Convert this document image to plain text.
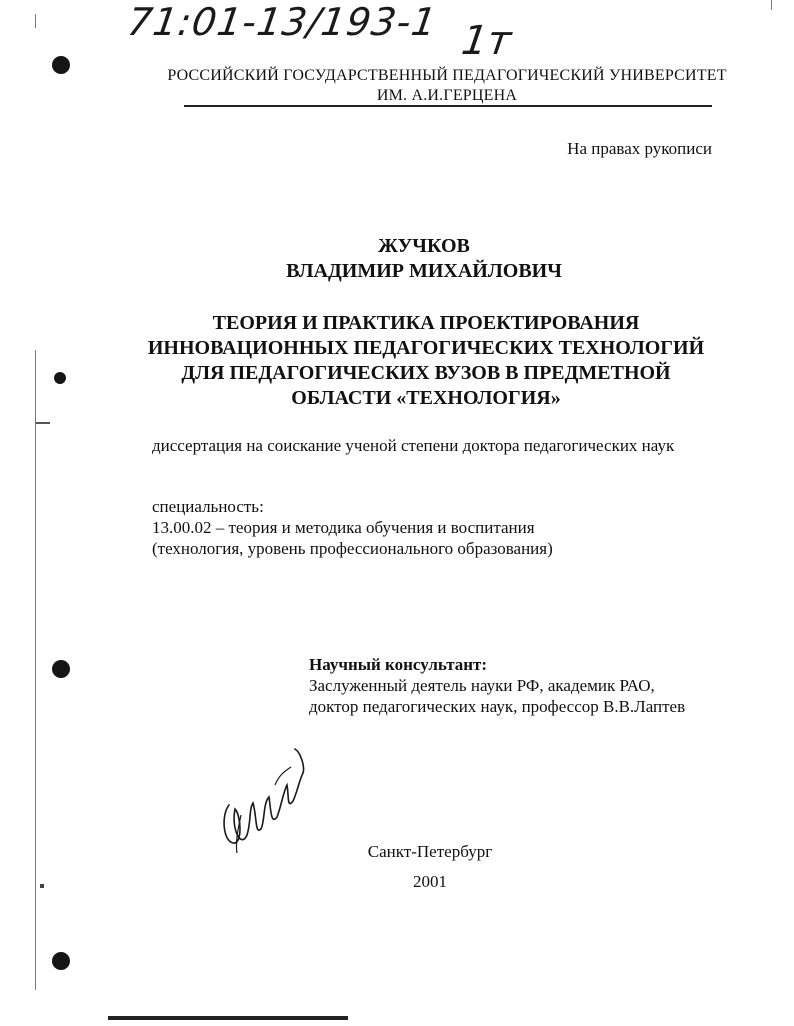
71:01-13/193-1 1т
РОССИЙСКИЙ ГОСУДАРСТВЕННЫЙ ПЕДАГОГИЧЕСКИЙ УНИВЕРСИТЕТ
ИМ. А.И.ГЕРЦЕНА
На правах рукописи
ЖУЧКОВ
ВЛАДИМИР МИХАЙЛОВИЧ
ТЕОРИЯ И ПРАКТИКА ПРОЕКТИРОВАНИЯ
ИННОВАЦИОННЫХ ПЕДАГОГИЧЕСКИХ ТЕХНОЛОГИЙ
ДЛЯ ПЕДАГОГИЧЕСКИХ ВУЗОВ В ПРЕДМЕТНОЙ
ОБЛАСТИ «ТЕХНОЛОГИЯ»
диссертация на соискание ученой степени доктора педагогических наук
специальность:
13.00.02 – теория и методика обучения и воспитания
(технология, уровень профессионального образования)
Научный консультант:
Заслуженный деятель науки РФ, академик РАО,
доктор педагогических наук, профессор В.В.Лаптев
Санкт-Петербург
2001
